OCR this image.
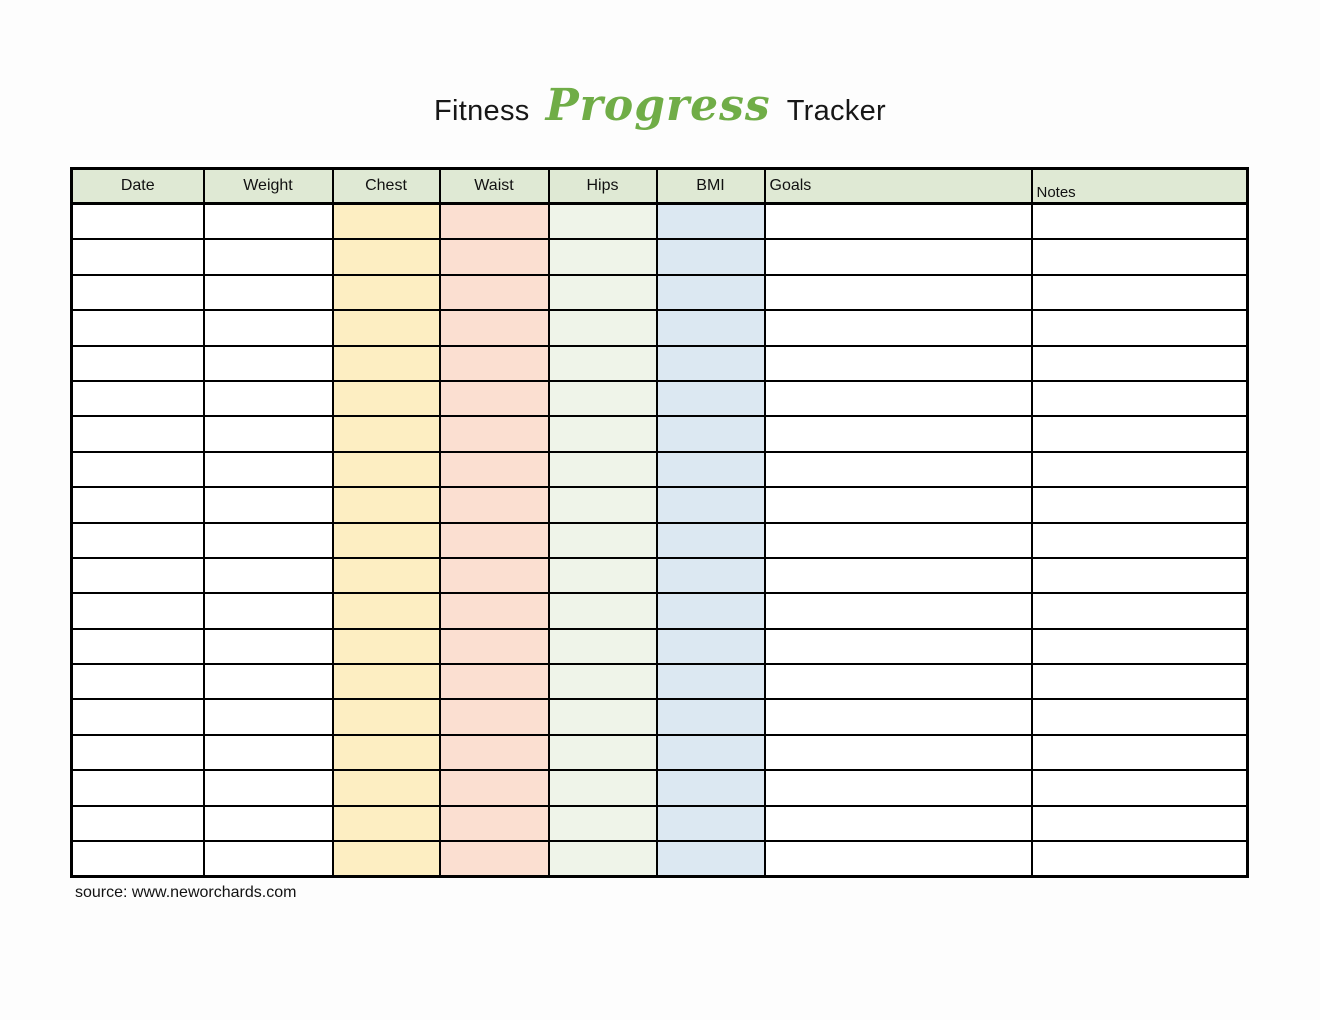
Fitness Progress Tracker
Date	Weight	Chest	Waist	Hips	BMI	Goals	Notes

source: www.neworchards.com
